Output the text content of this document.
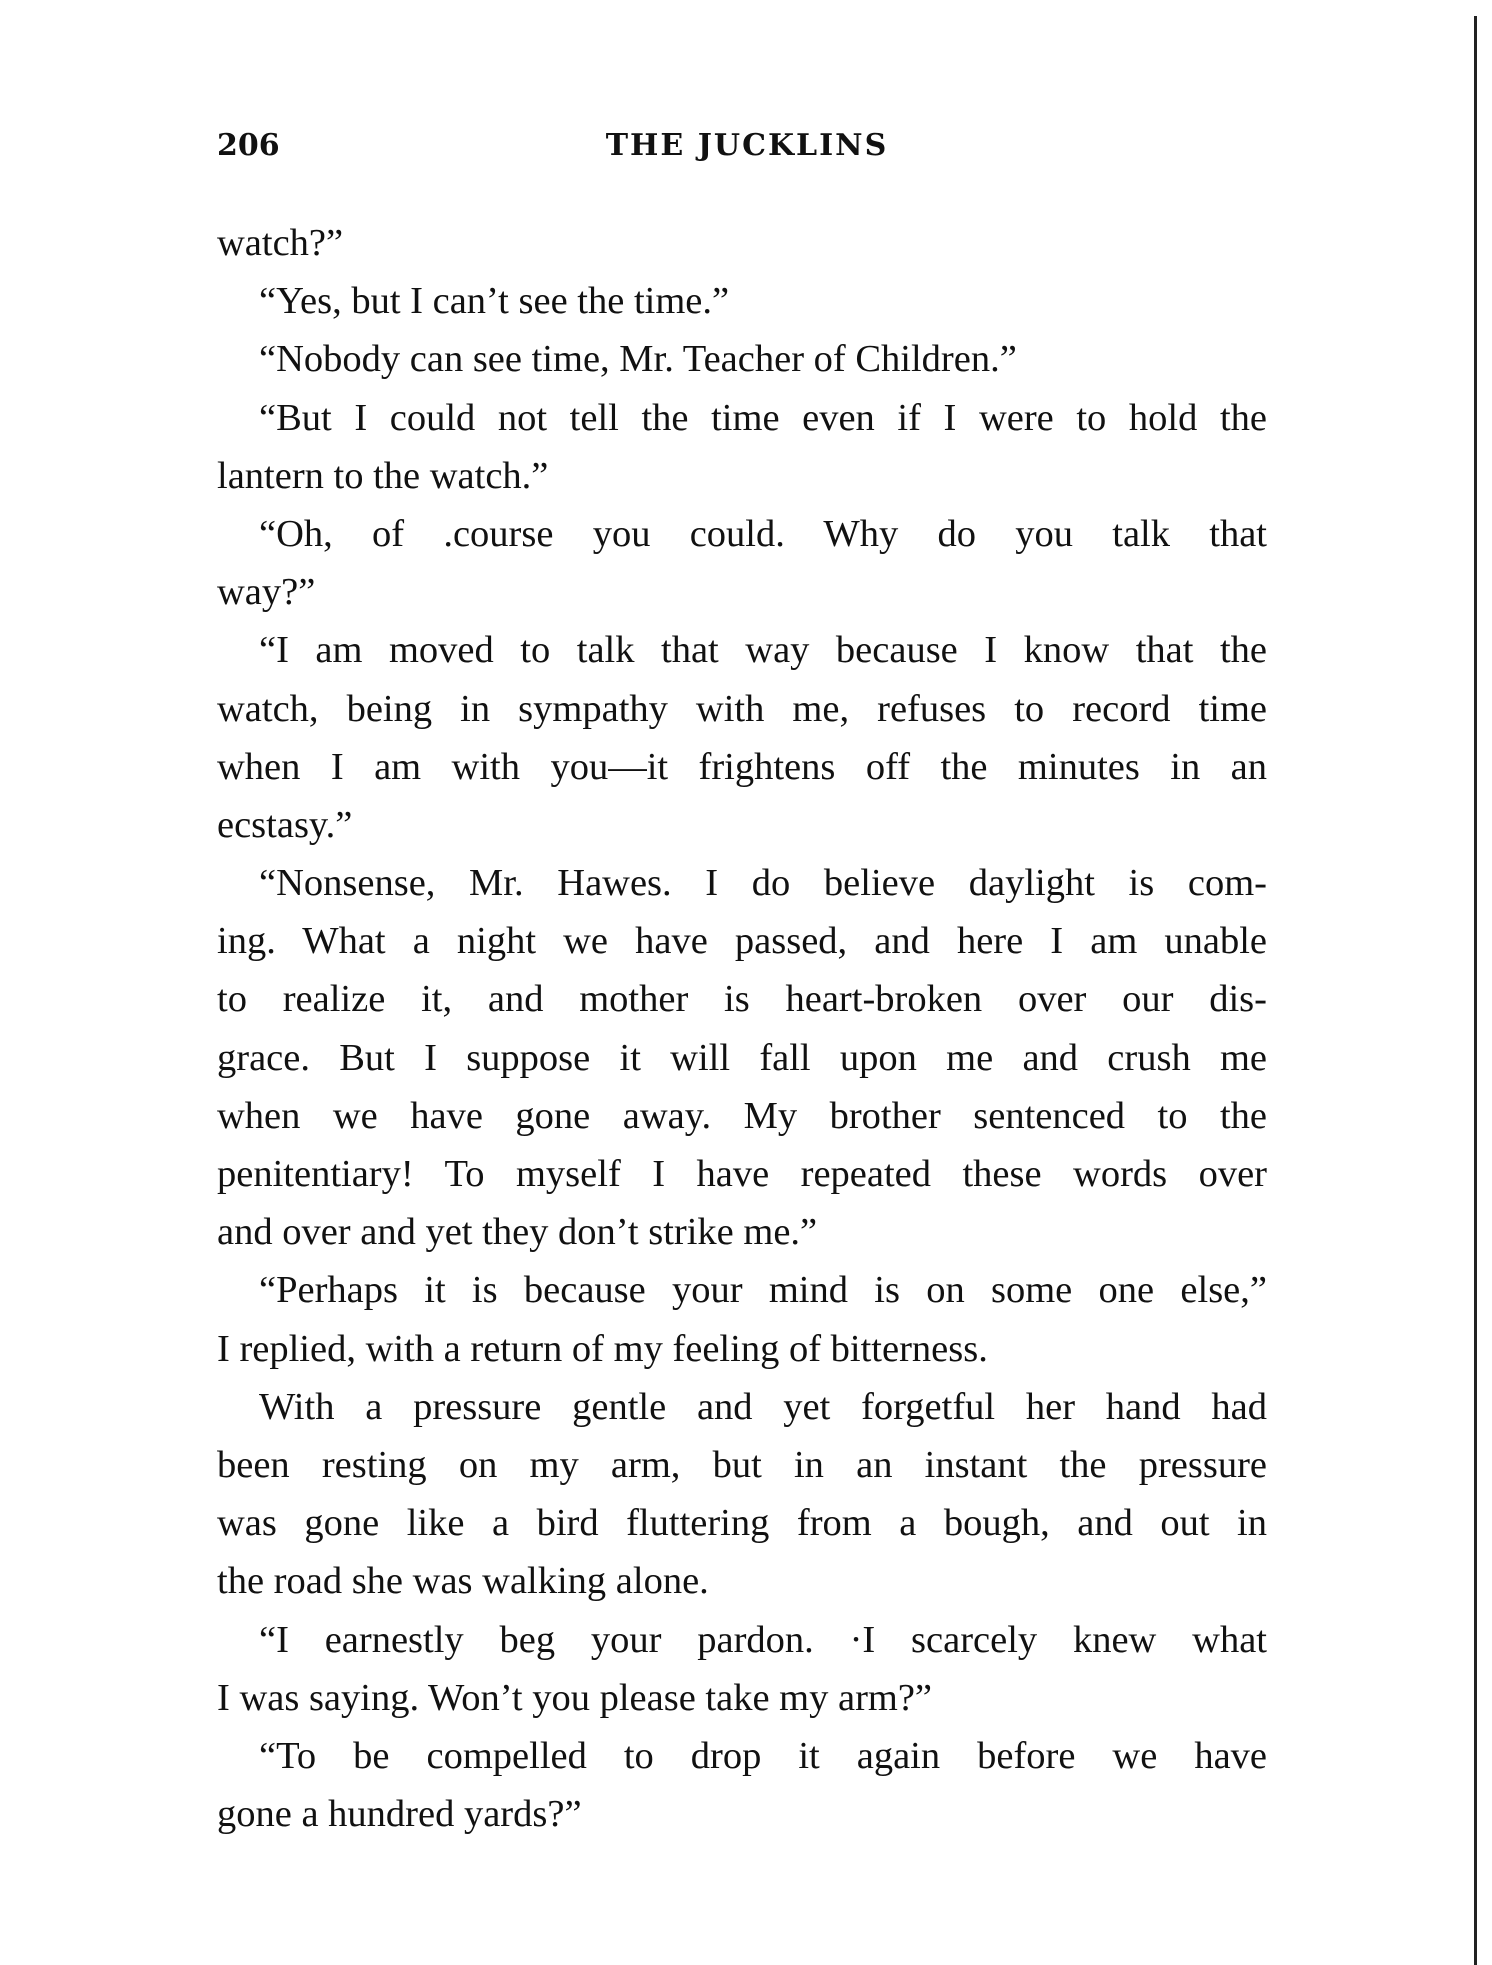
206	THE JUCKLINS
watch?”
“Yes, but I can’t see the time.”
“Nobody can see time, Mr. Teacher of Children.”
“But I could not tell the time even if I were to hold the
lantern to the watch.”
“Oh, of .course you could. Why do you talk that
way?”
“I am moved to talk that way because I know that the
watch, being in sympathy with me, refuses to record time
when I am with you—it frightens off the minutes in an
ecstasy.”
“Nonsense, Mr. Hawes. I do believe daylight is com-
ing. What a night we have passed, and here I am unable
to realize it, and mother is heart-broken over our dis-
grace. But I suppose it will fall upon me and crush me
when we have gone away. My brother sentenced to the
penitentiary! To myself I have repeated these words over
and over and yet they don’t strike me.”
“Perhaps it is because your mind is on some one else,”
I replied, with a return of my feeling of bitterness.
With a pressure gentle and yet forgetful her hand had
been resting on my arm, but in an instant the pressure
was gone like a bird fluttering from a bough, and out in
the road she was walking alone.
“I earnestly beg your pardon. ·I scarcely knew what
I was saying. Won’t you please take my arm?”
“To be compelled to drop it again before we have
gone a hundred yards?”
